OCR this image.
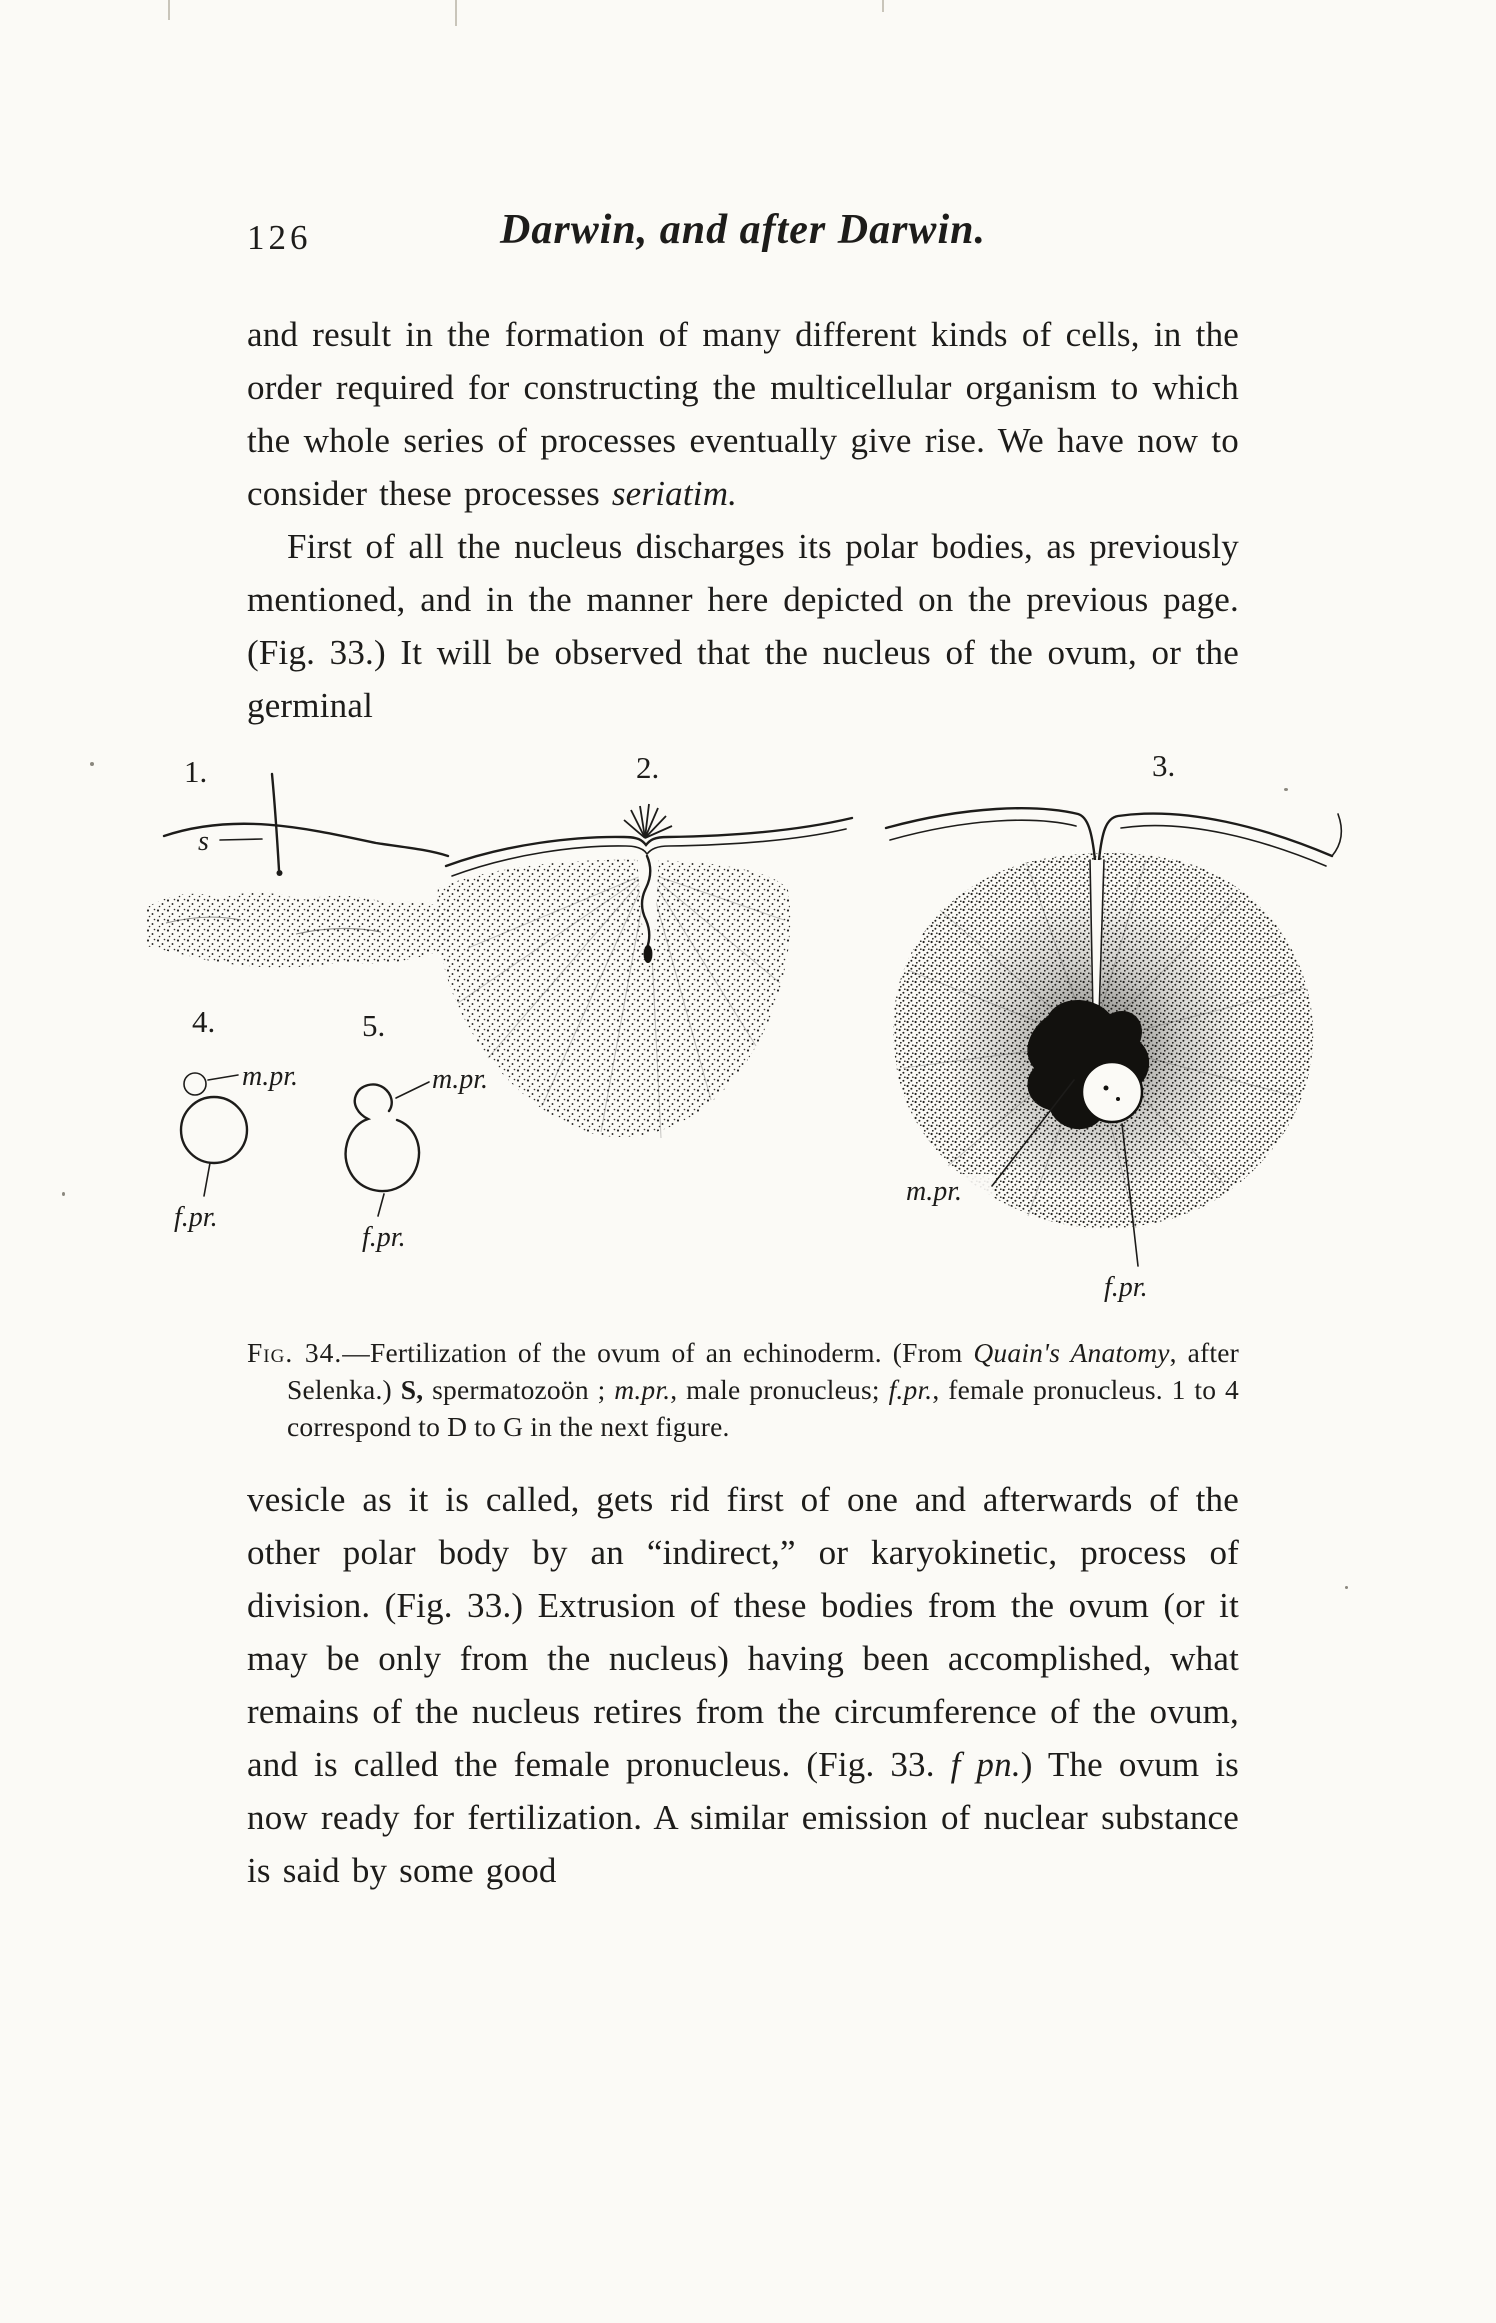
126	Darwin, and after Darwin.

and result in the formation of many different kinds of cells, in the order required for constructing the multicellular organism to which the whole series of processes eventually give rise. We have now to consider these processes seriatim.

First of all the nucleus discharges its polar bodies, as previously mentioned, and in the manner here depicted on the previous page. (Fig. 33.) It will be observed that the nucleus of the ovum, or the germinal

1.
s
2.	3.
m.pr.
f.pr.
4.
m.pr.
f.pr.
5.
m.pr.
f.pr.

Fig. 34.—Fertilization of the ovum of an echinoderm. (From Quain's Anatomy, after Selenka.) S, spermatozoön ; m.pr., male pronucleus; f.pr., female pronucleus. 1 to 4 correspond to D to G in the next figure.

vesicle as it is called, gets rid first of one and afterwards of the other polar body by an “indirect,” or karyokinetic, process of division. (Fig. 33.) Extrusion of these bodies from the ovum (or it may be only from the nucleus) having been accomplished, what remains of the nucleus retires from the circumference of the ovum, and is called the female pronucleus. (Fig. 33. f pn.) The ovum is now ready for fertilization. A similar emission of nuclear substance is said by some good
